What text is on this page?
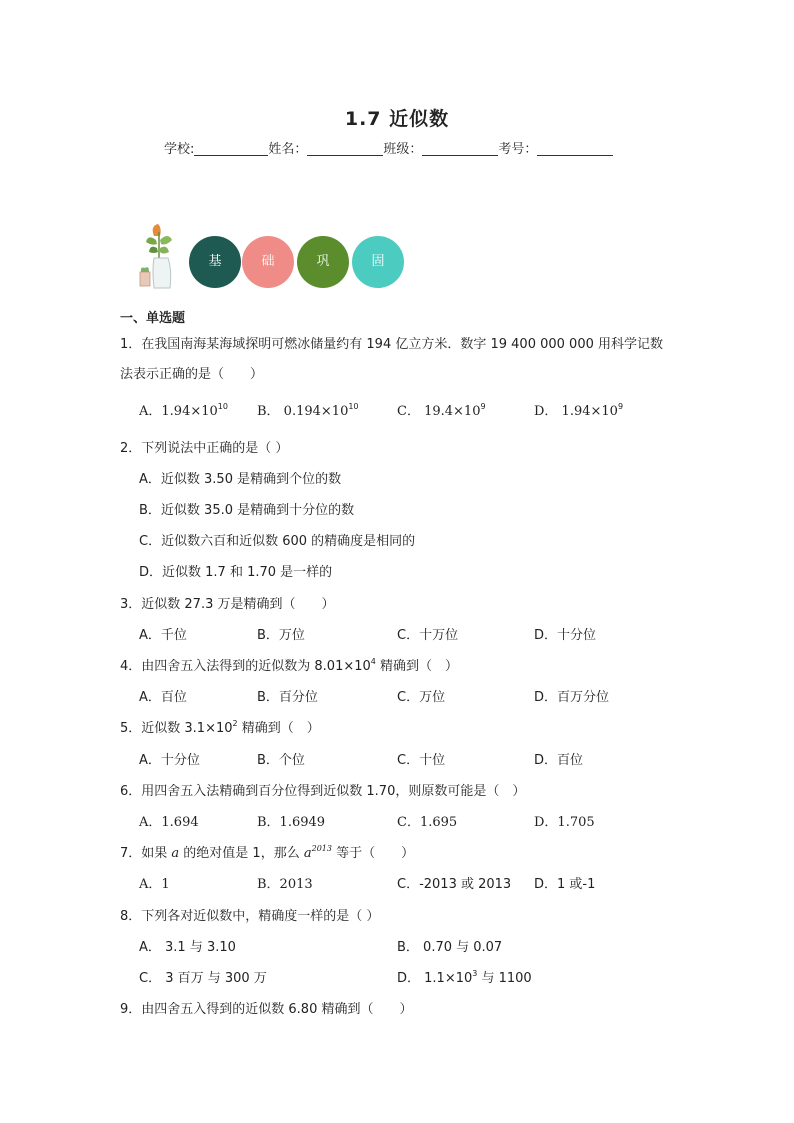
1.7 近似数
学校:	姓名：	班级：	考号：
基	础	巩	固
一、单选题
1．在我国南海某海域探明可燃冰储量约有 194 亿立方米．数字 19 400 000 000 用科学记数
法表示正确的是（　　）
A．$1.94\times 10^{10}$ B． $0.194\times 10^{10}$	C． $19.4\times 10^9$	D． $1.94\times 10^9$
2．下列说法中正确的是（ ）
A．近似数 3.50 是精确到个位的数
B．近似数 35.0 是精确到十分位的数
C．近似数六百和近似数 600 的精确度是相同的
D．近似数 1.7 和 1.70 是一样的
3．近似数 27.3 万是精确到（　　）
A．千位	B．万位	C．十万位	D．十分位
4．由四舍五入法得到的近似数为 $8.01\times 10^4$ 精确到（　）
A．百位	B．百分位	C．万位	D．百万分位
5．近似数 $3.1\times 10^2$ 精确到（　）
A．十分位	B．个位	C．十位	D．百位
6．用四舍五入法精确到百分位得到近似数 1.70，则原数可能是（　）
A．1.694	B．1.6949	C．1.695	D．1.705
7．如果 a 的绝对值是 1，那么 $a^{2013}$ 等于（　　）
A．1	B．2013	C．-2013 或 2013 D．1 或-1
8．下列各对近似数中，精确度一样的是（ ）
A． 3.1 与 3.10	B． 0.70 与 0.07
C． 3 百万 与 300 万	D． $1.1\times 10^3$ 与 1100
9．由四舍五入得到的近似数 6.80 精确到（　　）
